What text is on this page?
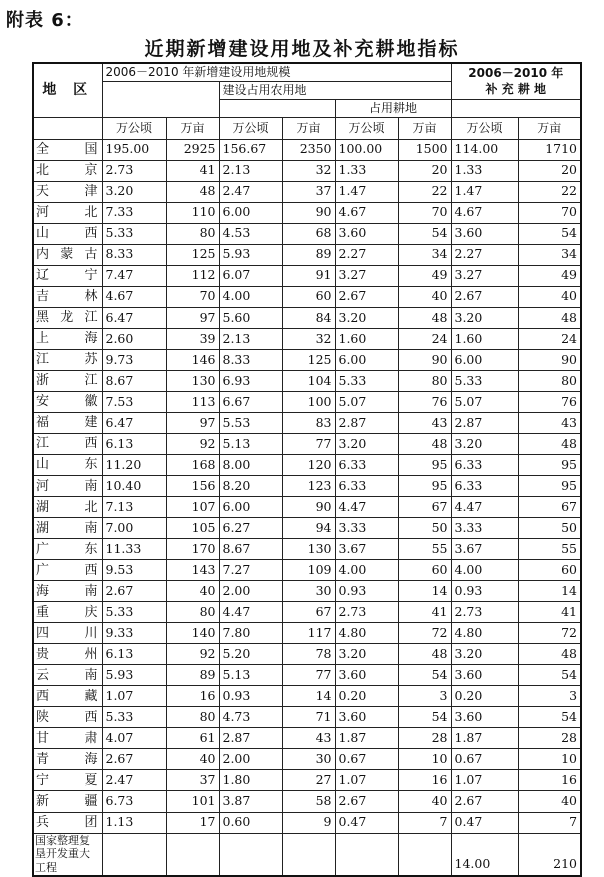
附表 6：
近期新增建设用地及补充耕地指标
地 区	2006－2010 年新增建设用地规模						2006－2010 年
补 充 耕 地	

			建设占用农用地					
					占用耕地			
	万公顷	万亩	万公顷	万亩	万公顷	万亩	万公顷	万亩
全国	195.00	2925	156.67	2350	100.00	1500	114.00	1710
北京	2.73	41	2.13	32	1.33	20	1.33	20
天津	3.20	48	2.47	37	1.47	22	1.47	22
河北	7.33	110	6.00	90	4.67	70	4.67	70
山西	5.33	80	4.53	68	3.60	54	3.60	54
内蒙古	8.33	125	5.93	89	2.27	34	2.27	34
辽宁	7.47	112	6.07	91	3.27	49	3.27	49
吉林	4.67	70	4.00	60	2.67	40	2.67	40
黑龙江	6.47	97	5.60	84	3.20	48	3.20	48
上海	2.60	39	2.13	32	1.60	24	1.60	24
江苏	9.73	146	8.33	125	6.00	90	6.00	90
浙江	8.67	130	6.93	104	5.33	80	5.33	80
安徽	7.53	113	6.67	100	5.07	76	5.07	76
福建	6.47	97	5.53	83	2.87	43	2.87	43
江西	6.13	92	5.13	77	3.20	48	3.20	48
山东	11.20	168	8.00	120	6.33	95	6.33	95
河南	10.40	156	8.20	123	6.33	95	6.33	95
湖北	7.13	107	6.00	90	4.47	67	4.47	67
湖南	7.00	105	6.27	94	3.33	50	3.33	50
广东	11.33	170	8.67	130	3.67	55	3.67	55
广西	9.53	143	7.27	109	4.00	60	4.00	60
海南	2.67	40	2.00	30	0.93	14	0.93	14
重庆	5.33	80	4.47	67	2.73	41	2.73	41
四川	9.33	140	7.80	117	4.80	72	4.80	72
贵州	6.13	92	5.20	78	3.20	48	3.20	48
云南	5.93	89	5.13	77	3.60	54	3.60	54
西藏	1.07	16	0.93	14	0.20	3	0.20	3
陕西	5.33	80	4.73	71	3.60	54	3.60	54
甘肃	4.07	61	2.87	43	1.87	28	1.87	28
青海	2.67	40	2.00	30	0.67	10	0.67	10
宁夏	2.47	37	1.80	27	1.07	16	1.07	16
新疆	6.73	101	3.87	58	2.67	40	2.67	40
兵团	1.13	17	0.60	9	0.47	7	0.47	7
国家整理复垦开发重大工程							14.00	210
